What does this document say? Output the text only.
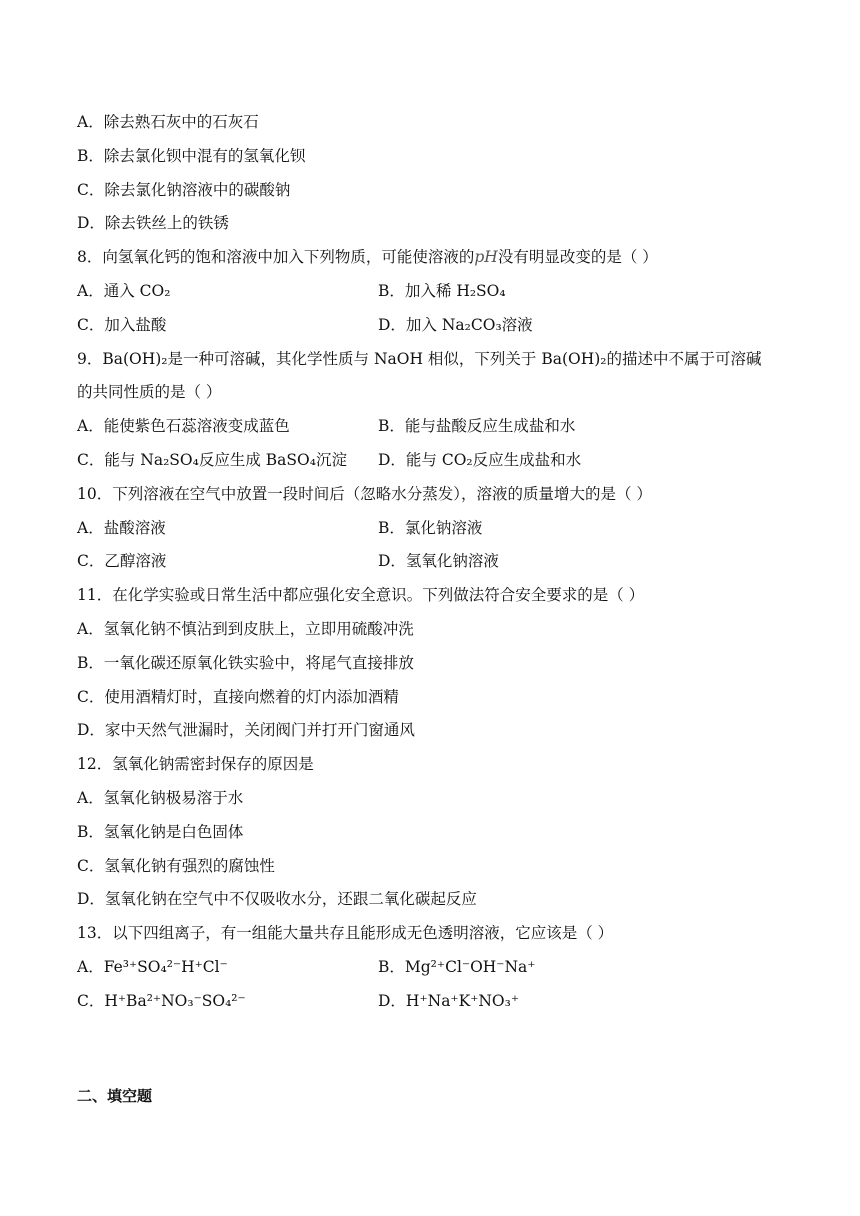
A．除去熟石灰中的石灰石
B．除去氯化钡中混有的氢氧化钡
C．除去氯化钠溶液中的碳酸钠
D．除去铁丝上的铁锈
8．向氢氧化钙的饱和溶液中加入下列物质，可能使溶液的pH没有明显改变的是（ ）
A．通入 CO₂	B．加入稀 H₂SO₄
C．加入盐酸	D．加入 Na₂CO₃溶液
9．Ba(OH)₂是一种可溶碱，其化学性质与 NaOH 相似，下列关于 Ba(OH)₂的描述中不属于可溶碱
的共同性质的是（ ）
A．能使紫色石蕊溶液变成蓝色	B．能与盐酸反应生成盐和水
C．能与 Na₂SO₄反应生成 BaSO₄沉淀 D．能与 CO₂反应生成盐和水
10．下列溶液在空气中放置一段时间后（忽略水分蒸发），溶液的质量增大的是（ ）
A．盐酸溶液	B．氯化钠溶液
C．乙醇溶液	D．氢氧化钠溶液
11．在化学实验或日常生活中都应强化安全意识。下列做法符合安全要求的是（ ）
A．氢氧化钠不慎沾到到皮肤上，立即用硫酸冲洗
B．一氧化碳还原氧化铁实验中，将尾气直接排放
C．使用酒精灯时，直接向燃着的灯内添加酒精
D．家中天然气泄漏时，关闭阀门并打开门窗通风
12．氢氧化钠需密封保存的原因是
A．氢氧化钠极易溶于水
B．氢氧化钠是白色固体
C．氢氧化钠有强烈的腐蚀性
D．氢氧化钠在空气中不仅吸收水分，还跟二氧化碳起反应
13．以下四组离子，有一组能大量共存且能形成无色透明溶液，它应该是（ ）
A．Fe³⁺SO₄²⁻H⁺Cl⁻	B．Mg²⁺Cl⁻OH⁻Na⁺
C．H⁺Ba²⁺NO₃⁻SO₄²⁻	D．H⁺Na⁺K⁺NO₃⁺
二、填空题
